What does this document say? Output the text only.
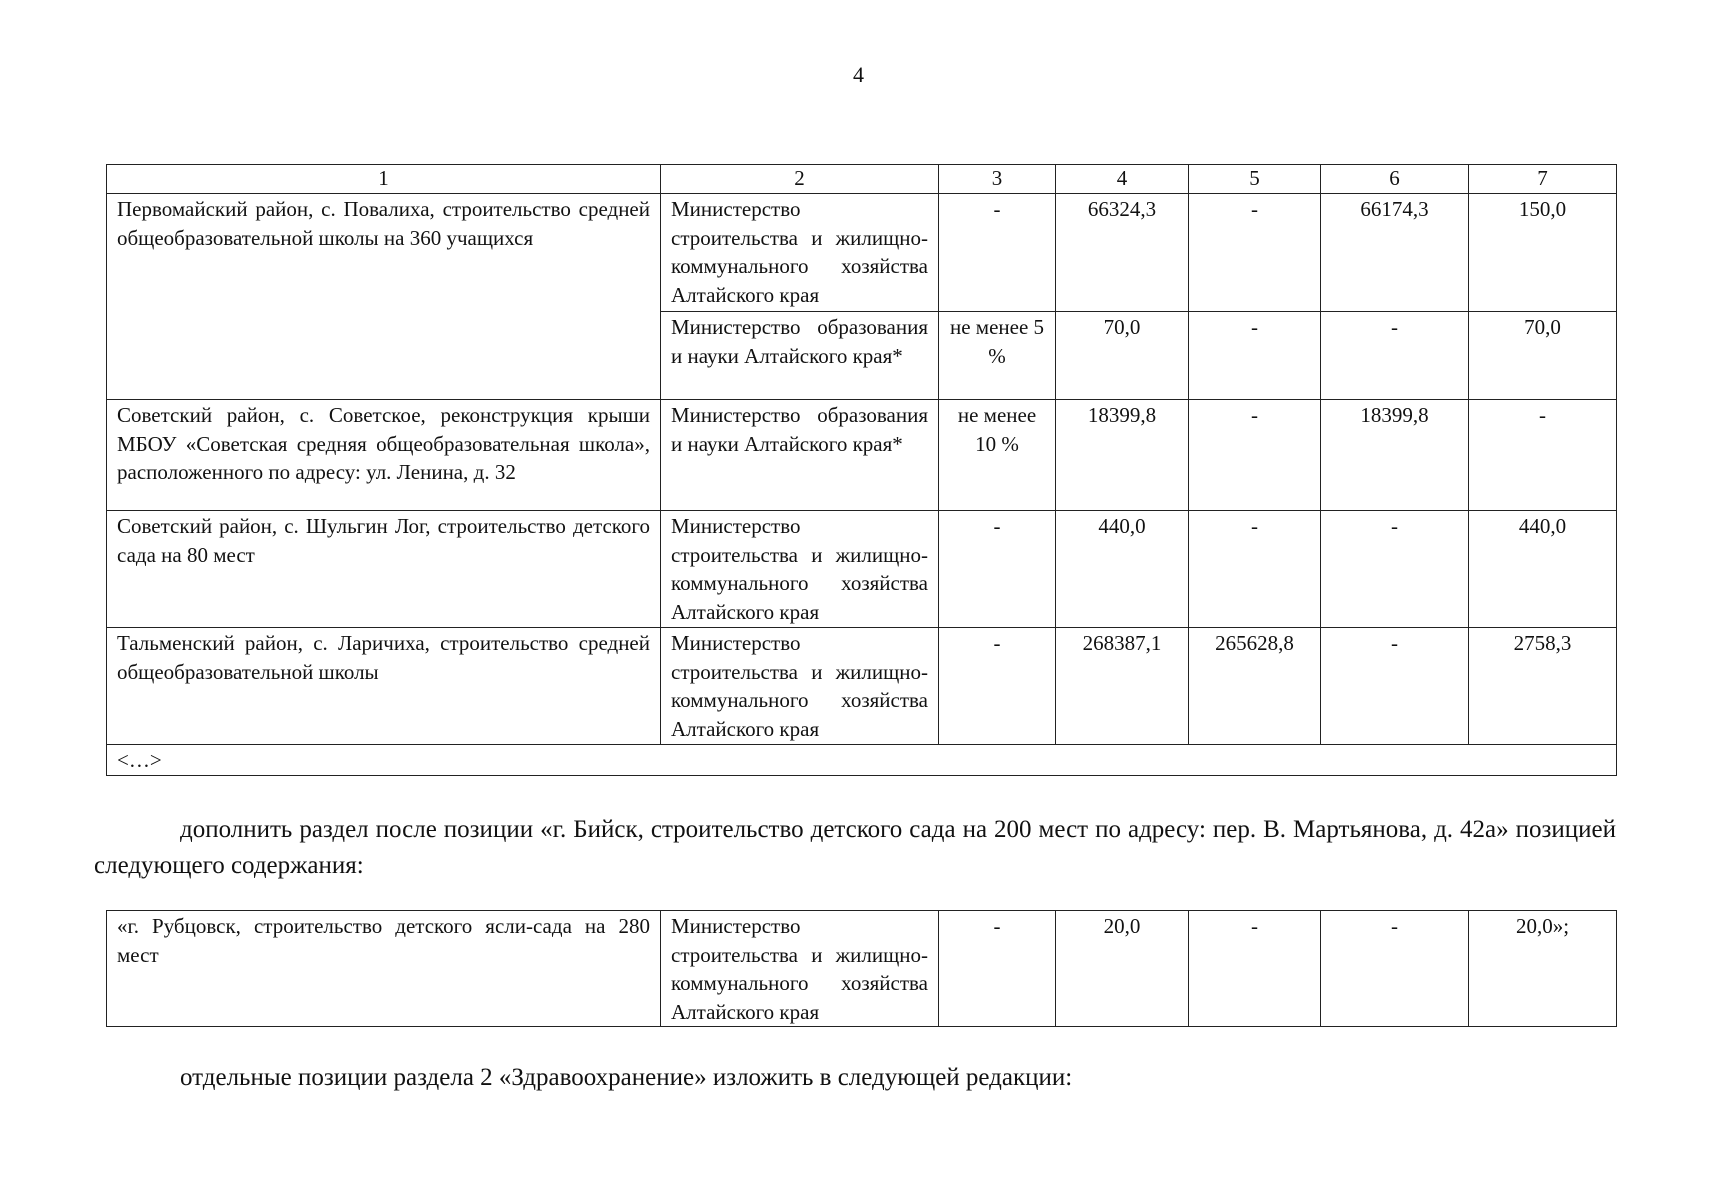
4
1	2	3	4	5	6	7
Первомайский район, с. Повалиха, строительство средней общеобразовательной школы на 360 учащихся	Министерство строительства и жилищно-коммунального хозяйства Алтайского края	-	66324,3	-	66174,3	150,0
	Министерство образования и науки Алтайского края*	не менее 5 %	70,0	-	-	70,0
Советский район, с. Советское, реконструкция крыши МБОУ «Советская средняя общеобразовательная школа», расположенного по адресу: ул. Ленина, д. 32	Министерство образования и науки Алтайского края*	не менее 10 %	18399,8	-	18399,8	-
Советский район, с. Шульгин Лог, строительство детского сада на 80 мест	Министерство строительства и жилищно-коммунального хозяйства Алтайского края	-	440,0	-	-	440,0
Тальменский район, с. Ларичиха, строительство средней общеобразовательной школы	Министерство строительства и жилищно-коммунального хозяйства Алтайского края	-	268387,1	265628,8	-	2758,3
<…>						

дополнить раздел после позиции «г. Бийск, строительство детского сада на 200 мест по адресу: пер. В. Мартьянова, д. 42а» позицией следующего содержания:

«г. Рубцовск, строительство детского ясли-сада на 280 мест	Министерство строительства и жилищно-коммунального хозяйства Алтайского края	-	20,0	-	-	20,0»;

отдельные позиции раздела 2 «Здравоохранение» изложить в следующей редакции:
